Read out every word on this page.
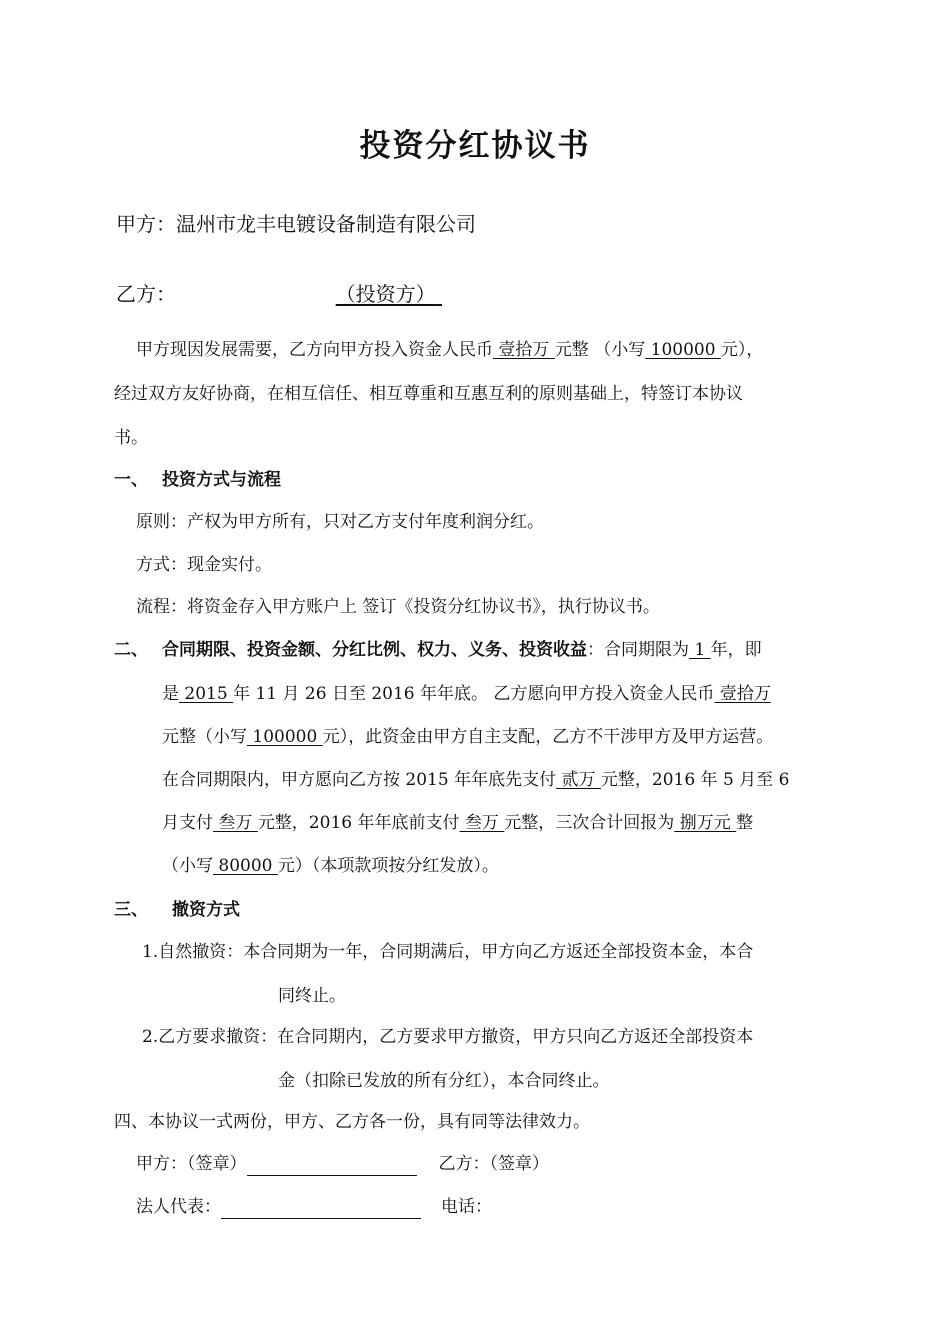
投资分红协议书
甲方：温州市龙丰电镀设备制造有限公司
乙方：	（投资方）
甲方现因发展需要，乙方向甲方投入资金人民币 壹拾万 元整 （小写 100000 元），
经过双方友好协商，在相互信任、相互尊重和互惠互利的原则基础上，特签订本协议
书。
一、 投资方式与流程
原则：产权为甲方所有，只对乙方支付年度利润分红。
方式：现金实付。
流程：将资金存入甲方账户上 签订《投资分红协议书》，执行协议书。
二、 合同期限、投资金额、分红比例、权力、义务、投资收益：合同期限为 1 年，即
是 2015 年 11 月 26 日至 2016 年年底。 乙方愿向甲方投入资金人民币 壹拾万
元整（小写 100000 元），此资金由甲方自主支配，乙方不干涉甲方及甲方运营。
在合同期限内，甲方愿向乙方按 2015 年年底先支付 贰万 元整，2016 年 5 月至 6
月支付 叁万 元整，2016 年年底前支付 叁万 元整，三次合计回报为 捌万元 整
（小写 80000 元）（本项款项按分红发放）。
三、 撤资方式
1.自然撤资：本合同期为一年，合同期满后，甲方向乙方返还全部投资本金，本合
同终止。
2.乙方要求撤资：在合同期内，乙方要求甲方撤资，甲方只向乙方返还全部投资本
金（扣除已发放的所有分红），本合同终止。
四、本协议一式两份，甲方、乙方各一份，具有同等法律效力。
甲方：（签章）	乙方：（签章）
法人代表：	电话：
